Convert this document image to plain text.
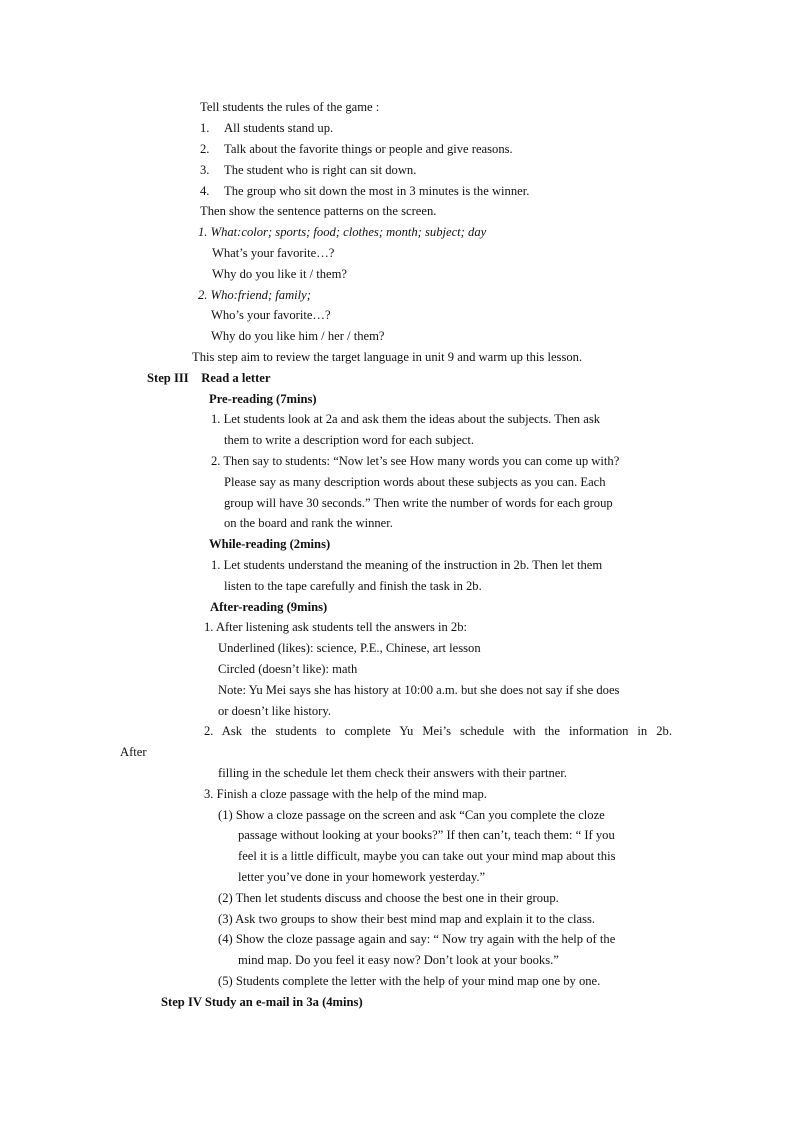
Tell students the rules of the game :
1. All students stand up.
2. Talk about the favorite things or people and give reasons.
3. The student who is right can sit down.
4. The group who sit down the most in 3 minutes is the winner.
Then show the sentence patterns on the screen.
1. What:color; sports; food; clothes; month; subject; day
What’s your favorite…?
Why do you like it / them?
2. Who:friend; family;
Who’s your favorite…?
Why do you like him / her / them?
This step aim to review the target language in unit 9 and warm up this lesson.
Step III    Read a letter
Pre-reading (7mins)
1. Let students look at 2a and ask them the ideas about the subjects. Then ask
them to write a description word for each subject.
2. Then say to students: “Now let’s see How many words you can come up with?
Please say as many description words about these subjects as you can. Each
group will have 30 seconds.” Then write the number of words for each group
on the board and rank the winner.
While-reading (2mins)
1. Let students understand the meaning of the instruction in 2b. Then let them
listen to the tape carefully and finish the task in 2b.
After-reading (9mins)
1. After listening ask students tell the answers in 2b:
Underlined (likes): science, P.E., Chinese, art lesson
Circled (doesn’t like): math
Note: Yu Mei says she has history at 10:00 a.m. but she does not say if she does
or doesn’t like history.
2. Ask the students to complete Yu Mei’s schedule with the information in 2b.
After
filling in the schedule let them check their answers with their partner.
3. Finish a cloze passage with the help of the mind map.
(1) Show a cloze passage on the screen and ask “Can you complete the cloze
passage without looking at your books?” If then can’t, teach them: “ If you
feel it is a little difficult, maybe you can take out your mind map about this
letter you’ve done in your homework yesterday.”
(2) Then let students discuss and choose the best one in their group.
(3) Ask two groups to show their best mind map and explain it to the class.
(4) Show the cloze passage again and say: “ Now try again with the help of the
mind map. Do you feel it easy now? Don’t look at your books.”
(5) Students complete the letter with the help of your mind map one by one.
Step IV Study an e-mail in 3a (4mins)
